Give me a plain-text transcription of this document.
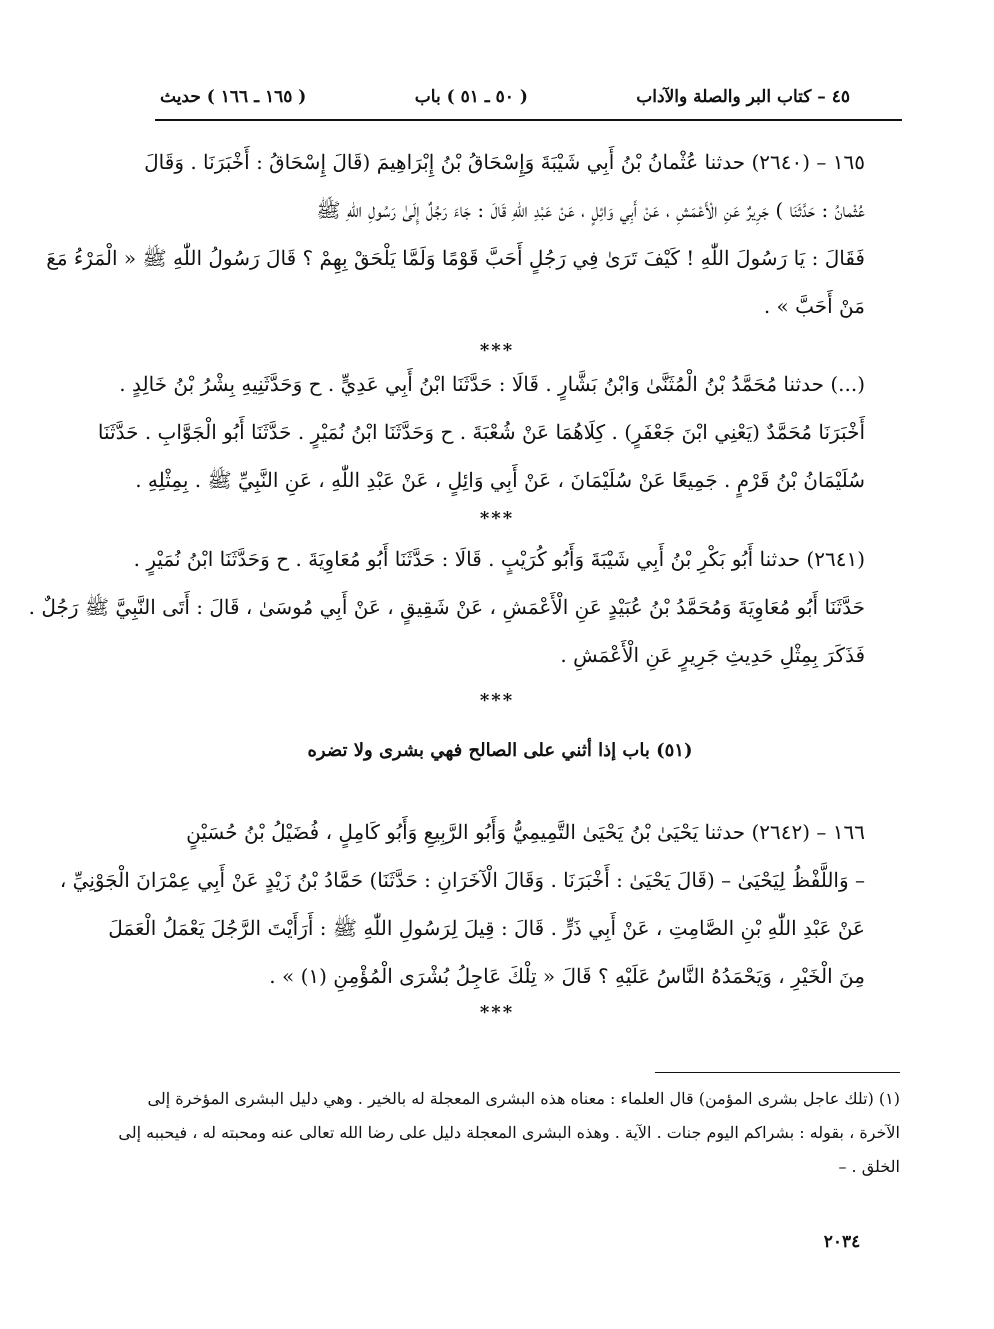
٤٥ – كتاب البر والصلة والآداب
( ٥٠ ـ ٥١ ) باب
( ١٦٥ ـ ١٦٦ ) حديث
١٦٥ – (٢٦٤٠) حدثنا عُثْمانُ بْنُ أَبِي شَيْبَةَ وَإِسْحَاقُ بْنُ إِبْرَاهِيمَ (قَالَ إِسْحَاقُ : أَخْبَرَنَا . وَقَالَ
عُثْمانُ : حَدَّثَنَا ) جَرِيرٌ عَنِ الْأَعْمَشِ ، عَنْ أَبِي وَائِلٍ ، عَنْ عَبْدِ اللّٰهِ قَالَ : جَاءَ رَجُلٌ إِلَىٰ رَسُولِ اللّٰهِ ﷺ
فَقَالَ : يَا رَسُولَ اللّٰهِ ! كَيْفَ تَرَىٰ فِي رَجُلٍ أَحَبَّ قَوْمًا وَلَمَّا يَلْحَقْ بِهِمْ ؟ قَالَ رَسُولُ اللّٰهِ ﷺ « الْمَرْءُ مَعَ
مَنْ أَحَبَّ » .
***
(...) حدثنا مُحَمَّدُ بْنُ الْمُثَنَّىٰ وَابْنُ بَشَّارٍ . قَالَا : حَدَّثَنَا ابْنُ أَبِي عَدِيٍّ . ح وَحَدَّثَنِيهِ بِشْرُ بْنُ خَالِدٍ .
أَخْبَرَنَا مُحَمَّدٌ (يَعْنِي ابْنَ جَعْفَرٍ) . كِلَاهُمَا عَنْ شُعْبَةَ . ح وَحَدَّثَنَا ابْنُ نُمَيْرٍ . حَدَّثَنَا أَبُو الْجَوَّابِ . حَدَّثَنَا
سُلَيْمَانُ بْنُ قَرْمٍ . جَمِيعًا عَنْ سُلَيْمَانَ ، عَنْ أَبِي وَائِلٍ ، عَنْ عَبْدِ اللّٰهِ ، عَنِ النَّبِيِّ ﷺ . بِمِثْلِهِ .
***
(٢٦٤١) حدثنا أَبُو بَكْرِ بْنُ أَبِي شَيْبَةَ وَأَبُو كُرَيْبٍ . قَالَا : حَدَّثَنَا أَبُو مُعَاوِيَةَ . ح وَحَدَّثَنَا ابْنُ نُمَيْرٍ .
حَدَّثَنَا أَبُو مُعَاوِيَةَ وَمُحَمَّدُ بْنُ عُبَيْدٍ عَنِ الْأَعْمَشِ ، عَنْ شَقِيقٍ ، عَنْ أَبِي مُوسَىٰ ، قَالَ : أَتَى النَّبِيَّ ﷺ رَجُلٌ .
فَذَكَرَ بِمِثْلِ حَدِيثِ جَرِيرٍ عَنِ الْأَعْمَشِ .
***
(٥١) باب إذا أثني على الصالح فهي بشرى ولا تضره
١٦٦ – (٢٦٤٢) حدثنا يَحْيَىٰ بْنُ يَحْيَىٰ التَّمِيمِيُّ وَأَبُو الرَّبِيعِ وَأَبُو كَامِلٍ ، فُضَيْلُ بْنُ حُسَيْنٍ
– وَاللَّفْظُ لِيَحْيَىٰ – (قَالَ يَحْيَىٰ : أَخْبَرَنَا . وَقَالَ الْآخَرَانِ : حَدَّثَنَا) حَمَّادُ بْنُ زَيْدٍ عَنْ أَبِي عِمْرَانَ الْجَوْنِيِّ ،
عَنْ عَبْدِ اللّٰهِ بْنِ الصَّامِتِ ، عَنْ أَبِي ذَرٍّ . قَالَ : قِيلَ لِرَسُولِ اللّٰهِ ﷺ : أَرَأَيْتَ الرَّجُلَ يَعْمَلُ الْعَمَلَ
مِنَ الْخَيْرِ ، وَيَحْمَدُهُ النَّاسُ عَلَيْهِ ؟ قَالَ « تِلْكَ عَاجِلُ بُشْرَى الْمُؤْمِنِ (١) » .
***
(١) (تلك عاجل بشرى المؤمن) قال العلماء : معناه هذه البشرى المعجلة له بالخير . وهي دليل البشرى المؤخرة إلى
الآخرة ، بقوله : بشراكم اليوم جنات . الآية . وهذه البشرى المعجلة دليل على رضا الله تعالى عنه ومحبته له ، فيحببه إلى
الخلق . –
٢٠٣٤
